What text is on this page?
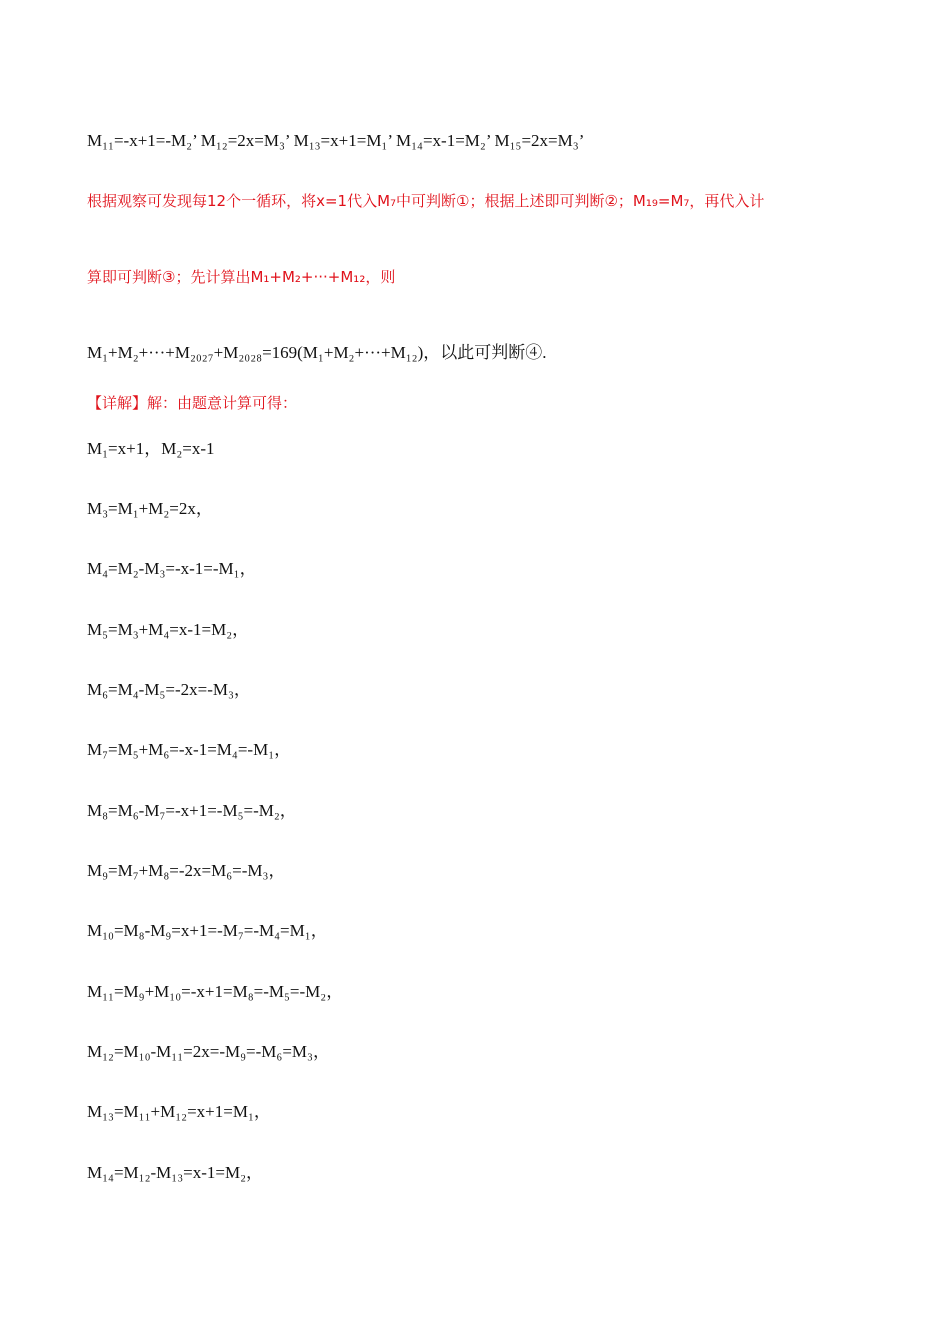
M₁₁=-x+1=-M₂’ M₁₂=2x=M₃’ M₁₃=x+1=M₁’ M₁₄=x-1=M₂’ M₁₅=2x=M₃’
根据观察可发现每12个一循环，将x=1代入M₇中可判断①；根据上述即可判断②；M₁₉=M₇，再代入计
算即可判断③；先计算出M₁+M₂+···+M₁₂，则
M₁+M₂+···+M₂₀₂₇+M₂₀₂₈=169(M₁+M₂+···+M₁₂)，以此可判断④.
【详解】解：由题意计算可得：
M₁=x+1，M₂=x-1
M₃=M₁+M₂=2x，
M₄=M₂-M₃=-x-1=-M₁，
M₅=M₃+M₄=x-1=M₂，
M₆=M₄-M₅=-2x=-M₃，
M₇=M₅+M₆=-x-1=M₄=-M₁，
M₈=M₆-M₇=-x+1=-M₅=-M₂，
M₉=M₇+M₈=-2x=M₆=-M₃，
M₁₀=M₈-M₉=x+1=-M₇=-M₄=M₁，
M₁₁=M₉+M₁₀=-x+1=M₈=-M₅=-M₂，
M₁₂=M₁₀-M₁₁=2x=-M₉=-M₆=M₃，
M₁₃=M₁₁+M₁₂=x+1=M₁，
M₁₄=M₁₂-M₁₃=x-1=M₂，
